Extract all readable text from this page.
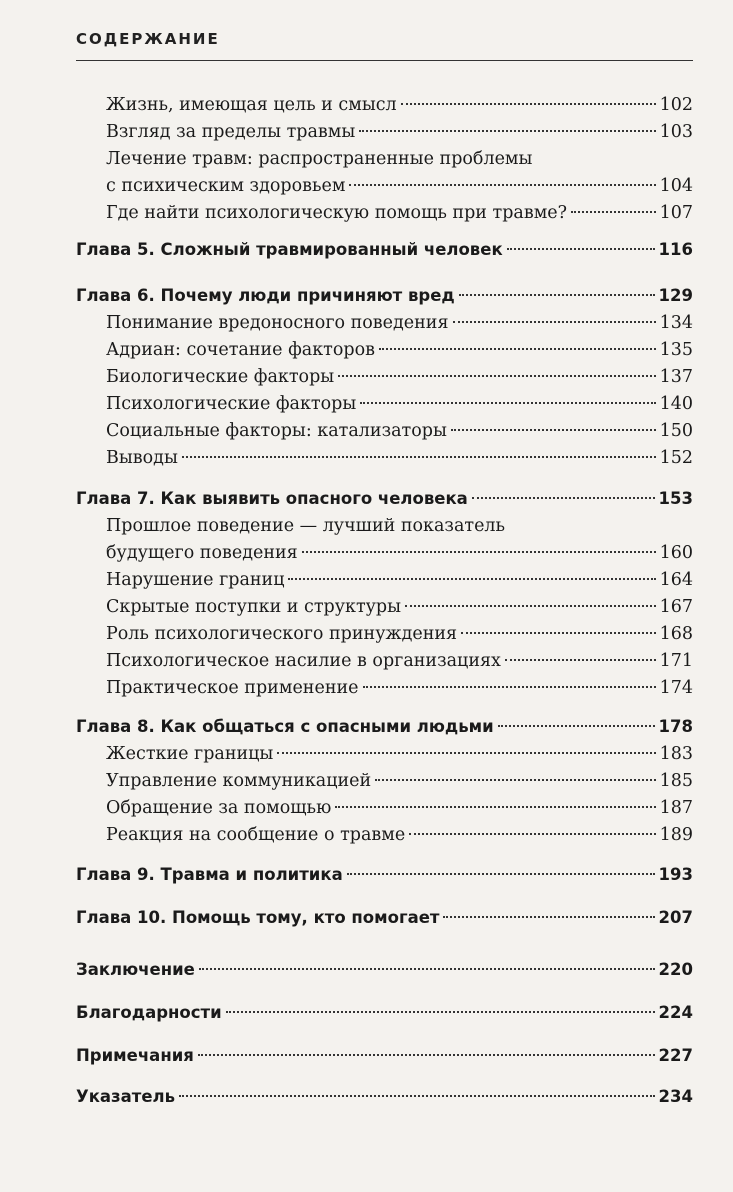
СОДЕРЖАНИЕ
Жизнь, имеющая цель и смысл	102
Взгляд за пределы травмы	103
Лечение травм: распространенные проблемы
с психическим здоровьем	104
Где найти психологическую помощь при травме?	107
Глава 5. Сложный травмированный человек	116
Глава 6. Почему люди причиняют вред	129
Понимание вредоносного поведения	134
Адриан: сочетание факторов	135
Биологические факторы	137
Психологические факторы	140
Социальные факторы: катализаторы	150
Выводы	152
Глава 7. Как выявить опасного человека	153
Прошлое поведение — лучший показатель
будущего поведения	160
Нарушение границ	164
Скрытые поступки и структуры	167
Роль психологического принуждения	168
Психологическое насилие в организациях	171
Практическое применение	174
Глава 8. Как общаться с опасными людьми	178
Жесткие границы	183
Управление коммуникацией	185
Обращение за помощью	187
Реакция на сообщение о травме	189
Глава 9. Травма и политика	193
Глава 10. Помощь тому, кто помогает	207
Заключение	220
Благодарности	224
Примечания	227
Указатель	234
